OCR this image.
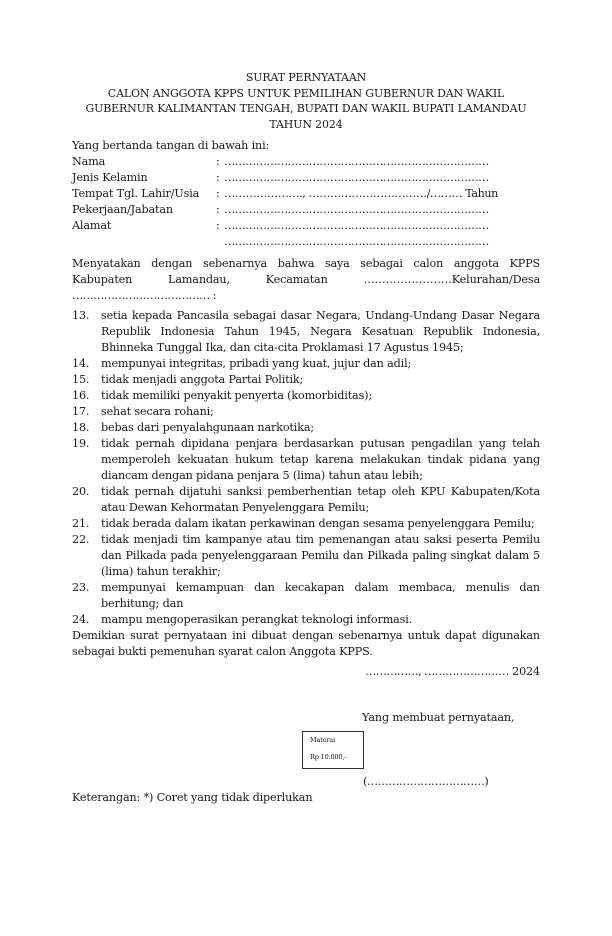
SURAT PERNYATAAN
CALON ANGGOTA KPPS UNTUK PEMILIHAN GUBERNUR DAN WAKIL
GUBERNUR KALIMANTAN TENGAH, BUPATI DAN WAKIL BUPATI LAMANDAU
TAHUN 2024
Yang bertanda tangan di bawah ini:
Nama	: …………………………………………………………………
Jenis Kelamin	: …………………………………………………………………
Tempat Tgl. Lahir/Usia	: …………………., ……………………………/……… Tahun
Pekerjaan/Jabatan	: …………………………………………………………………
Alamat	: …………………………………………………………………
…………………………………………………………………
Menyatakan dengan sebenarnya bahwa saya sebagai calon anggota KPPS
Kabupaten Lamandau, Kecamatan ……………………Kelurahan/Desa
………………………………… :
13.	setia kepada Pancasila sebagai dasar Negara, Undang-Undang Dasar Negara Republik Indonesia Tahun 1945, Negara Kesatuan Republik Indonesia, Bhinneka Tunggal Ika, dan cita-cita Proklamasi 17 Agustus 1945;
14.	mempunyai integritas, pribadi yang kuat, jujur dan adil;
15.	tidak menjadi anggota Partai Politik;
16.	tidak memiliki penyakit penyerta (komorbiditas);
17.	sehat secara rohani;
18.	bebas dari penyalahgunaan narkotika;
19.	tidak pernah dipidana penjara berdasarkan putusan pengadilan yang telah memperoleh kekuatan hukum tetap karena melakukan tindak pidana yang diancam dengan pidana penjara 5 (lima) tahun atau lebih;
20.	tidak pernah dijatuhi sanksi pemberhentian tetap oleh KPU Kabupaten/Kota atau Dewan Kehormatan Penyelenggara Pemilu;
21.	tidak berada dalam ikatan perkawinan dengan sesama penyelenggara Pemilu;
22.	tidak menjadi tim kampanye atau tim pemenangan atau saksi peserta Pemilu dan Pilkada pada penyelenggaraan Pemilu dan Pilkada paling singkat dalam 5 (lima) tahun terakhir;
23.	mempunyai kemampuan dan kecakapan dalam membaca, menulis dan berhitung; dan
24.	mampu mengoperasikan perangkat teknologi informasi.
Demikian surat pernyataan ini dibuat dengan sebenarnya untuk dapat digunakan sebagai bukti pemenuhan syarat calon Anggota KPPS.
……………, …………………… 2024
Yang membuat pernyataan,
Materai
Rp 10.000,-
(……………………………)
Keterangan: *) Coret yang tidak diperlukan
